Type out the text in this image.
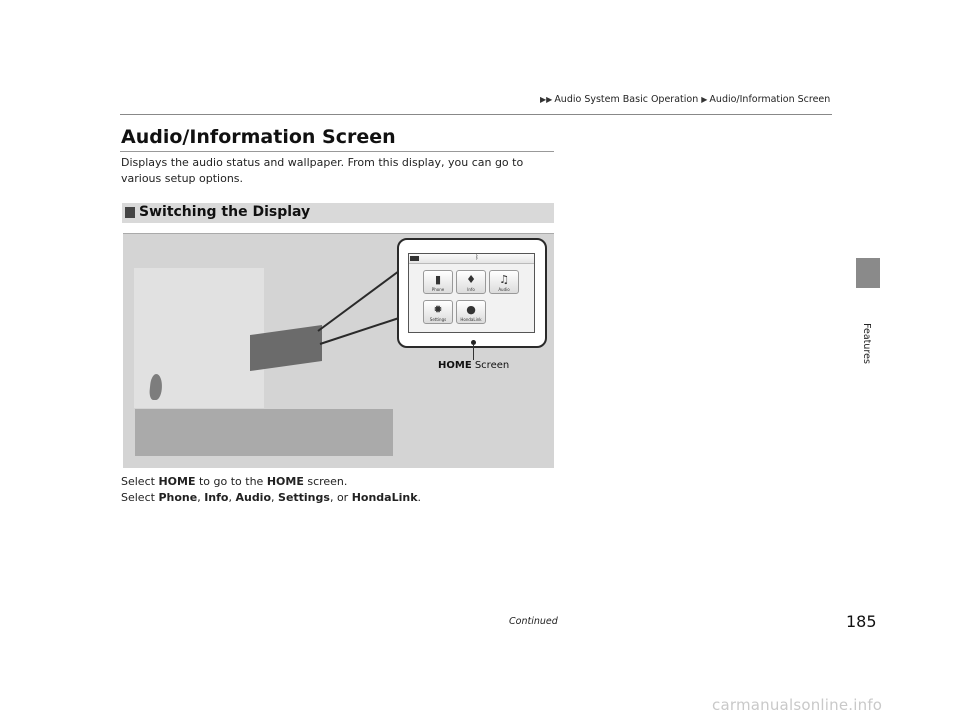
▶▶ Audio System Basic Operation ▶ Audio/Information Screen
Audio/Information Screen
Displays the audio status and wallpaper. From this display, you can go to various setup options.
Switching the Display
ᛒ
▮
Phone
♦
Info
♫
Audio
✹
Settings
●
HondaLink
HOME Screen
Select HOME to go to the HOME screen.
Select Phone, Info, Audio, Settings, or HondaLink.
Features
Continued	185
carmanualsonline.info
